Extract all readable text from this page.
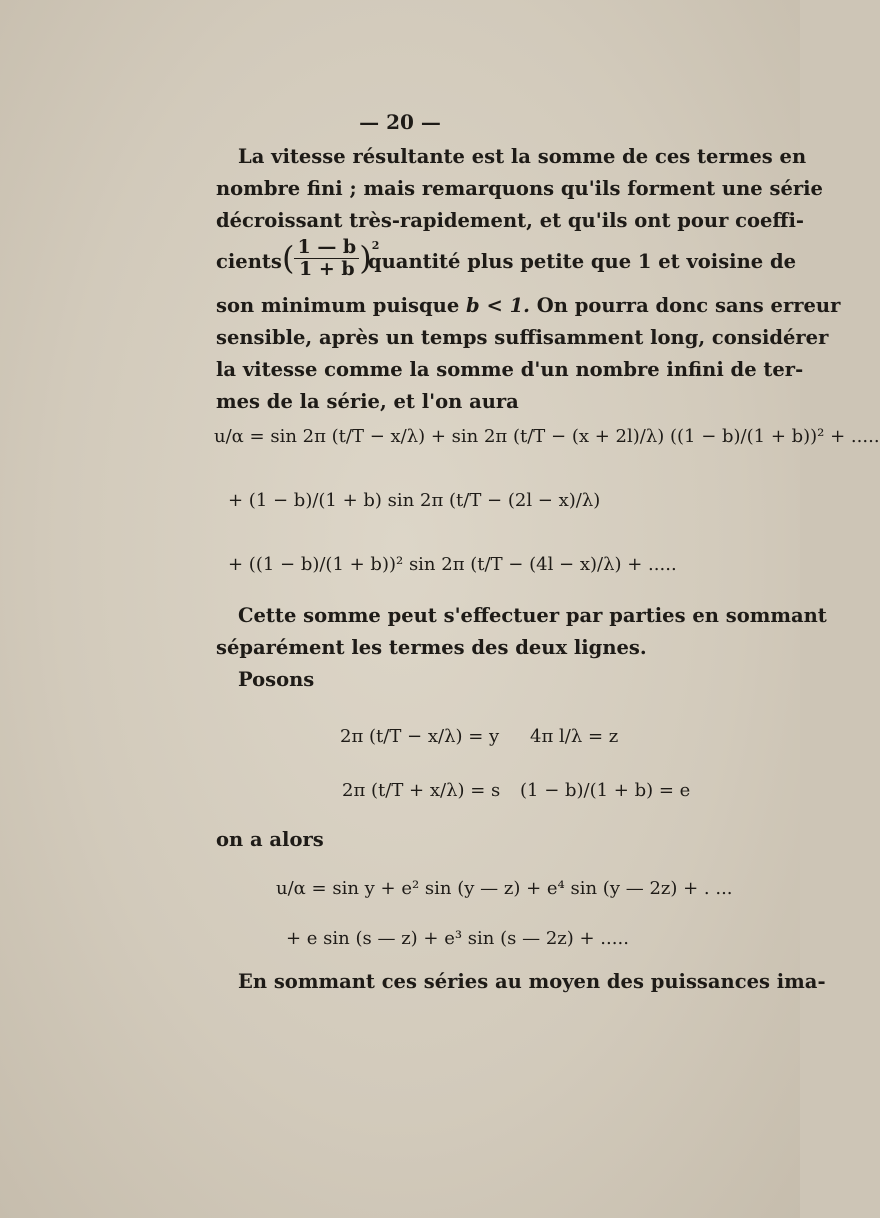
— 20 —
La vitesse résultante est la somme de ces termes en
nombre fini ; mais remarquons qu'ils forment une série
décroissant très-rapidement, et qu'ils ont pour coeffi-
cients ( $\frac{1 — b}{1 + b} )^2$
quantité plus petite que 1 et voisine de
son minimum puisque b < 1. On pourra donc sans erreur
sensible, après un temps suffisamment long, considérer
la vitesse comme la somme d'un nombre infini de ter-
mes de la série, et l'on aura
u/α = sin 2π (t/T − x/λ) + sin 2π (t/T − (x + 2l)/λ) ((1 − b)/(1 + b))² + .....
+ (1 − b)/(1 + b) sin 2π (t/T − (2l − x)/λ)
+ ((1 − b)/(1 + b))² sin 2π (t/T − (4l − x)/λ) + .....
Cette somme peut s'effectuer par parties en sommant
séparément les termes des deux lignes.
Posons
2π (t/T − x/λ) = y 4π l/λ = z
2π (t/T + x/λ) = s (1 − b)/(1 + b) = e
on a alors
u/α = sin y + e² sin (y — z) + e⁴ sin (y — 2z) + . ...
+ e sin (s — z) + e³ sin (s — 2z) + .....
En sommant ces séries au moyen des puissances ima-
